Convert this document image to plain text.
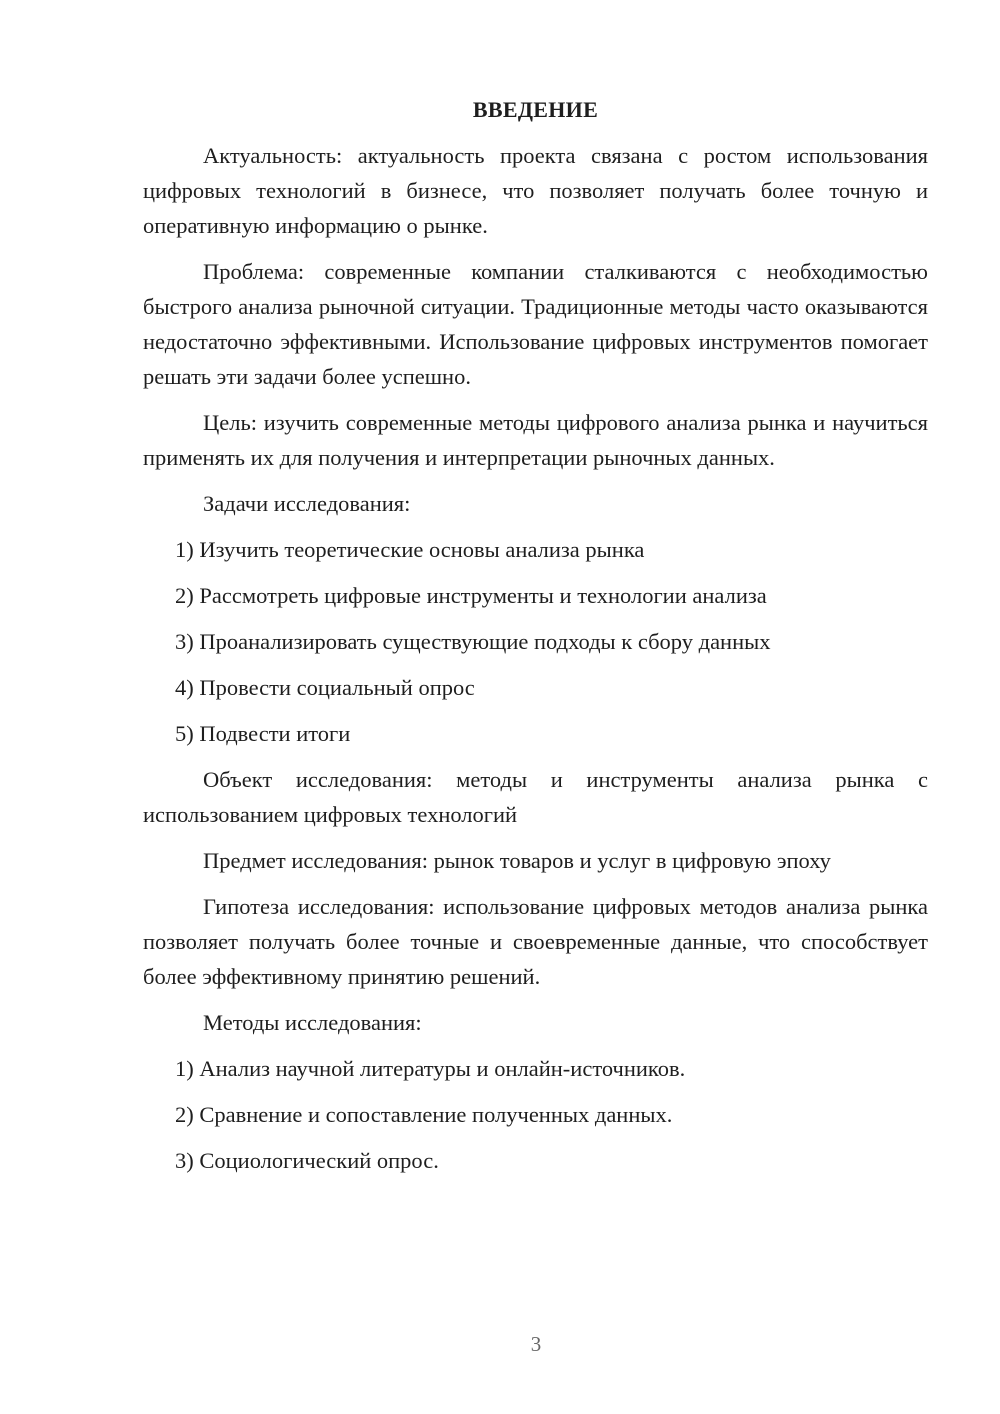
ВВЕДЕНИЕ
Актуальность: актуальность проекта связана с ростом использования цифровых технологий в бизнесе, что позволяет получать более точную и оперативную информацию о рынке.
Проблема: современные компании сталкиваются с необходимостью быстрого анализа рыночной ситуации. Традиционные методы часто оказываются недостаточно эффективными. Использование цифровых инструментов помогает решать эти задачи более успешно.
Цель: изучить современные методы цифрового анализа рынка и научиться применять их для получения и интерпретации рыночных данных.
Задачи исследования:
1) Изучить теоретические основы анализа рынка
2) Рассмотреть цифровые инструменты и технологии анализа
3) Проанализировать существующие подходы к сбору данных
4) Провести социальный опрос
5) Подвести итоги
Объект исследования: методы и инструменты анализа рынка с использованием цифровых технологий
Предмет исследования: рынок товаров и услуг в цифровую эпоху
Гипотеза исследования: использование цифровых методов анализа рынка позволяет получать более точные и своевременные данные, что способствует более эффективному принятию решений.
Методы исследования:
1) Анализ научной литературы и онлайн-источников.
2) Сравнение и сопоставление полученных данных.
3) Социологический опрос.
3
